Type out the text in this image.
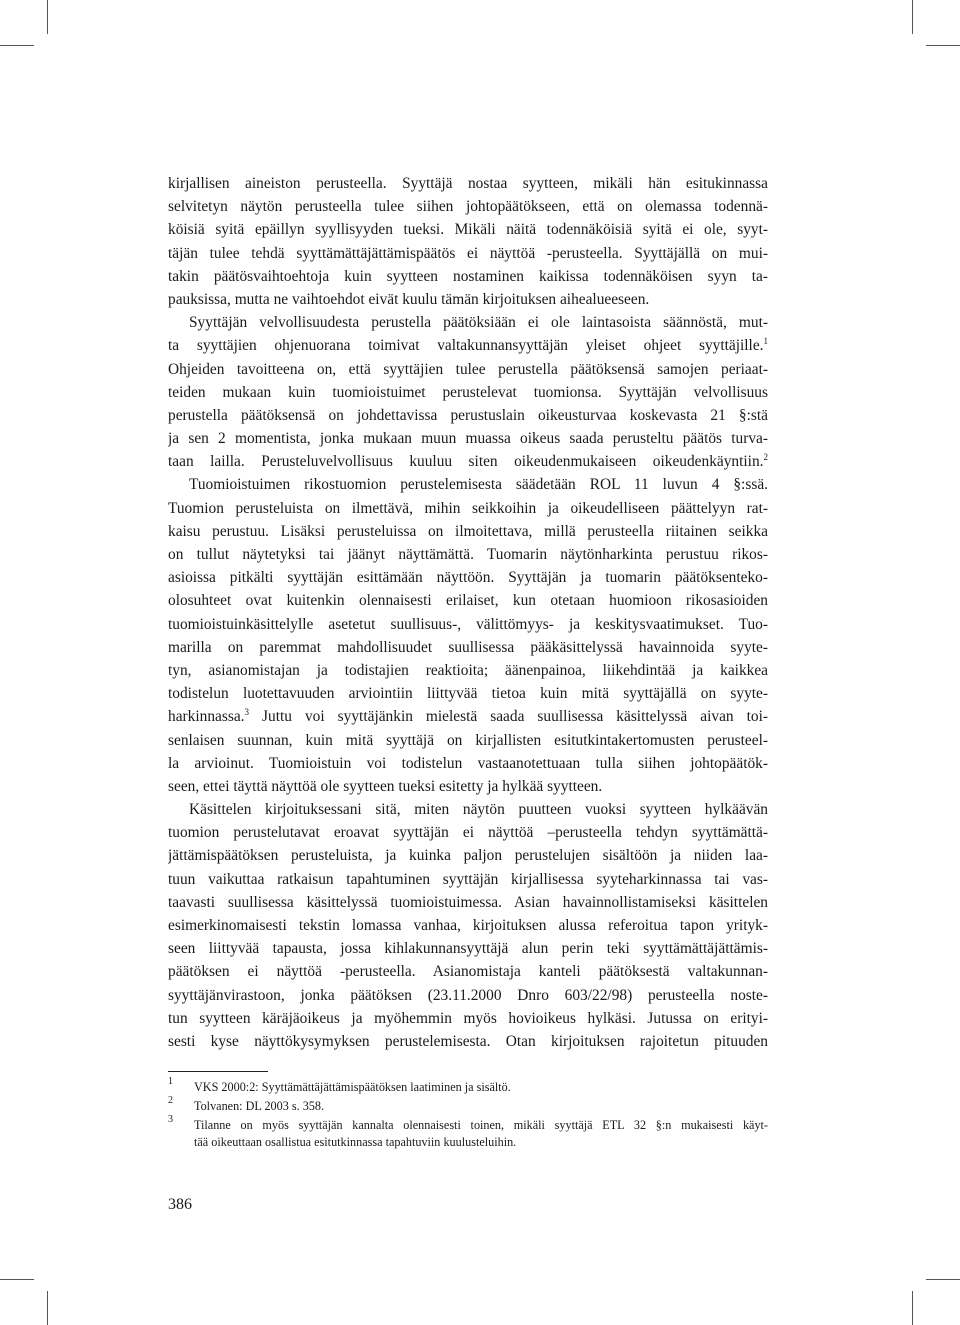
kirjallisen aineiston perusteella. Syyttäjä nostaa syytteen, mikäli hän esitukinnassa
selvitetyn näytön perusteella tulee siihen johtopäätökseen, että on olemassa todennä-
köisiä syitä epäillyn syyllisyyden tueksi. Mikäli näitä todennäköisiä syitä ei ole, syyt-
täjän tulee tehdä syyttämättäjättämispäätös ei näyttöä -perusteella. Syyttäjällä on mui-
takin päätösvaihtoehtoja kuin syytteen nostaminen kaikissa todennäköisen syyn ta-
pauksissa, mutta ne vaihtoehdot eivät kuulu tämän kirjoituksen aihealueeseen.
Syyttäjän velvollisuudesta perustella päätöksiään ei ole laintasoista säännöstä, mut-
ta syyttäjien ohjenuorana toimivat valtakunnansyyttäjän yleiset ohjeet syyttäjille.$^1$
Ohjeiden tavoitteena on, että syyttäjien tulee perustella päätöksensä samojen periaat-
teiden mukaan kuin tuomioistuimet perustelevat tuomionsa. Syyttäjän velvollisuus
perustella päätöksensä on johdettavissa perustuslain oikeusturvaa koskevasta 21 §:stä
ja sen 2 momentista, jonka mukaan muun muassa oikeus saada perusteltu päätös turva-
taan lailla. Perusteluvelvollisuus kuuluu siten oikeudenmukaiseen oikeudenkäyntiin.$^2$
Tuomioistuimen rikostuomion perustelemisesta säädetään ROL 11 luvun 4 §:ssä.
Tuomion perusteluista on ilmettävä, mihin seikkoihin ja oikeudelliseen päättelyyn rat-
kaisu perustuu. Lisäksi perusteluissa on ilmoitettava, millä perusteella riitainen seikka
on tullut näytetyksi tai jäänyt näyttämättä. Tuomarin näytönharkinta perustuu rikos-
asioissa pitkälti syyttäjän esittämään näyttöön. Syyttäjän ja tuomarin päätöksenteko-
olosuhteet ovat kuitenkin olennaisesti erilaiset, kun otetaan huomioon rikosasioiden
tuomioistuinkäsittelylle asetetut suullisuus-, välittömyys- ja keskitysvaatimukset. Tuo-
marilla on paremmat mahdollisuudet suullisessa pääkäsittelyssä havainnoida syyte-
tyn, asianomistajan ja todistajien reaktioita; äänenpainoa, liikehdintää ja kaikkea
todistelun luotettavuuden arviointiin liittyvää tietoa kuin mitä syyttäjällä on syyte-
harkinnassa.$^3$ Juttu voi syyttäjänkin mielestä saada suullisessa käsittelyssä aivan toi-
senlaisen suunnan, kuin mitä syyttäjä on kirjallisten esitutkintakertomusten perusteel-
la arvioinut. Tuomioistuin voi todistelun vastaanotettuaan tulla siihen johtopäätök-
seen, ettei täyttä näyttöä ole syytteen tueksi esitetty ja hylkää syytteen.
Käsittelen kirjoituksessani sitä, miten näytön puutteen vuoksi syytteen hylkäävän
tuomion perustelutavat eroavat syyttäjän ei näyttöä –perusteella tehdyn syyttämättä-
jättämispäätöksen perusteluista, ja kuinka paljon perustelujen sisältöön ja niiden laa-
tuun vaikuttaa ratkaisun tapahtuminen syyttäjän kirjallisessa syyteharkinnassa tai vas-
taavasti suullisessa käsittelyssä tuomioistuimessa. Asian havainnollistamiseksi käsittelen
esimerkinomaisesti tekstin lomassa vanhaa, kirjoituksen alussa referoitua tapon yrityk-
seen liittyvää tapausta, jossa kihlakunnansyyttäjä alun perin teki syyttämättäjättämis-
päätöksen ei näyttöä -perusteella. Asianomistaja kanteli päätöksestä valtakunnan-
syyttäjänvirastoon, jonka päätöksen (23.11.2000 Dnro 603/22/98) perusteella noste-
tun syytteen käräjäoikeus ja myöhemmin myös hovioikeus hylkäsi. Jutussa on erityi-
sesti kyse näyttökysymyksen perustelemisesta. Otan kirjoituksen rajoitetun pituuden
1 VKS 2000:2: Syyttämättäjättämispäätöksen laatiminen ja sisältö.
2 Tolvanen: DL 2003 s. 358.
3 Tilanne on myös syyttäjän kannalta olennaisesti toinen, mikäli syyttäjä ETL 32 §:n mukaisesti käyt-
tää oikeuttaan osallistua esitutkinnassa tapahtuviin kuulusteluihin.
386
